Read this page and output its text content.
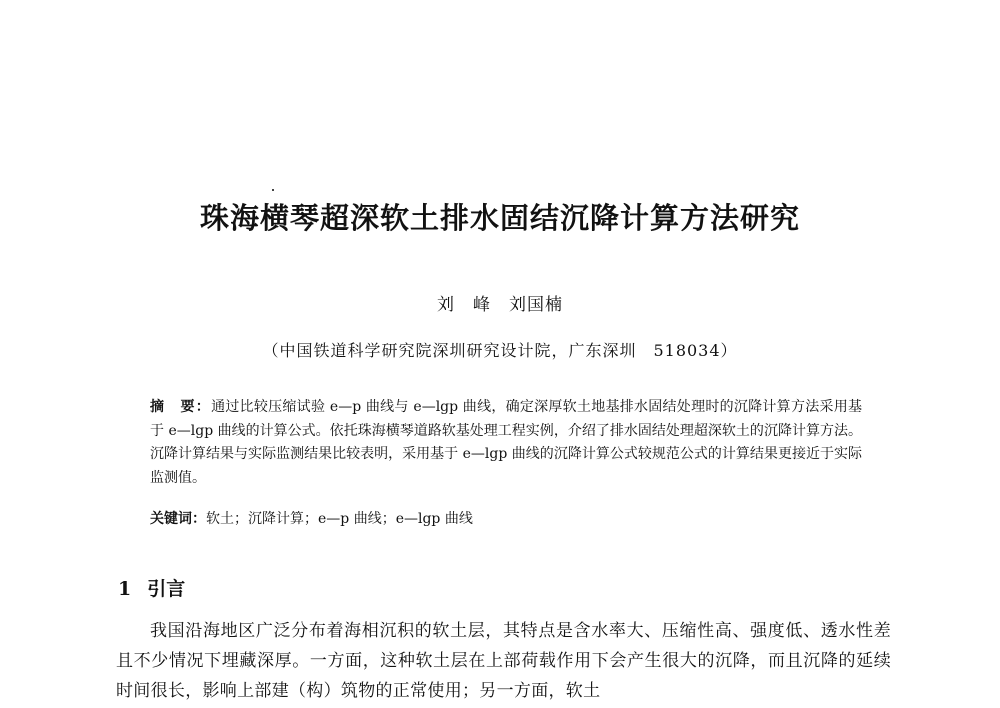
珠海横琴超深软土排水固结沉降计算方法研究
刘　峰　刘国楠
（中国铁道科学研究院深圳研究设计院，广东深圳　518034）
摘　要：通过比较压缩试验 e—p 曲线与 e—lgp 曲线，确定深厚软土地基排水固结处理时的沉降计算方法采用基于 e—lgp 曲线的计算公式。依托珠海横琴道路软基处理工程实例，介绍了排水固结处理超深软土的沉降计算方法。沉降计算结果与实际监测结果比较表明，采用基于 e—lgp 曲线的沉降计算公式较规范公式的计算结果更接近于实际监测值。
关键词：软土；沉降计算；e—p 曲线；e—lgp 曲线
1 引言

我国沿海地区广泛分布着海相沉积的软土层，其特点是含水率大、压缩性高、强度低、透水性差且不少情况下埋藏深厚。一方面，这种软土层在上部荷载作用下会产生很大的沉降，而且沉降的延续时间很长，影响上部建（构）筑物的正常使用；另一方面，软土
